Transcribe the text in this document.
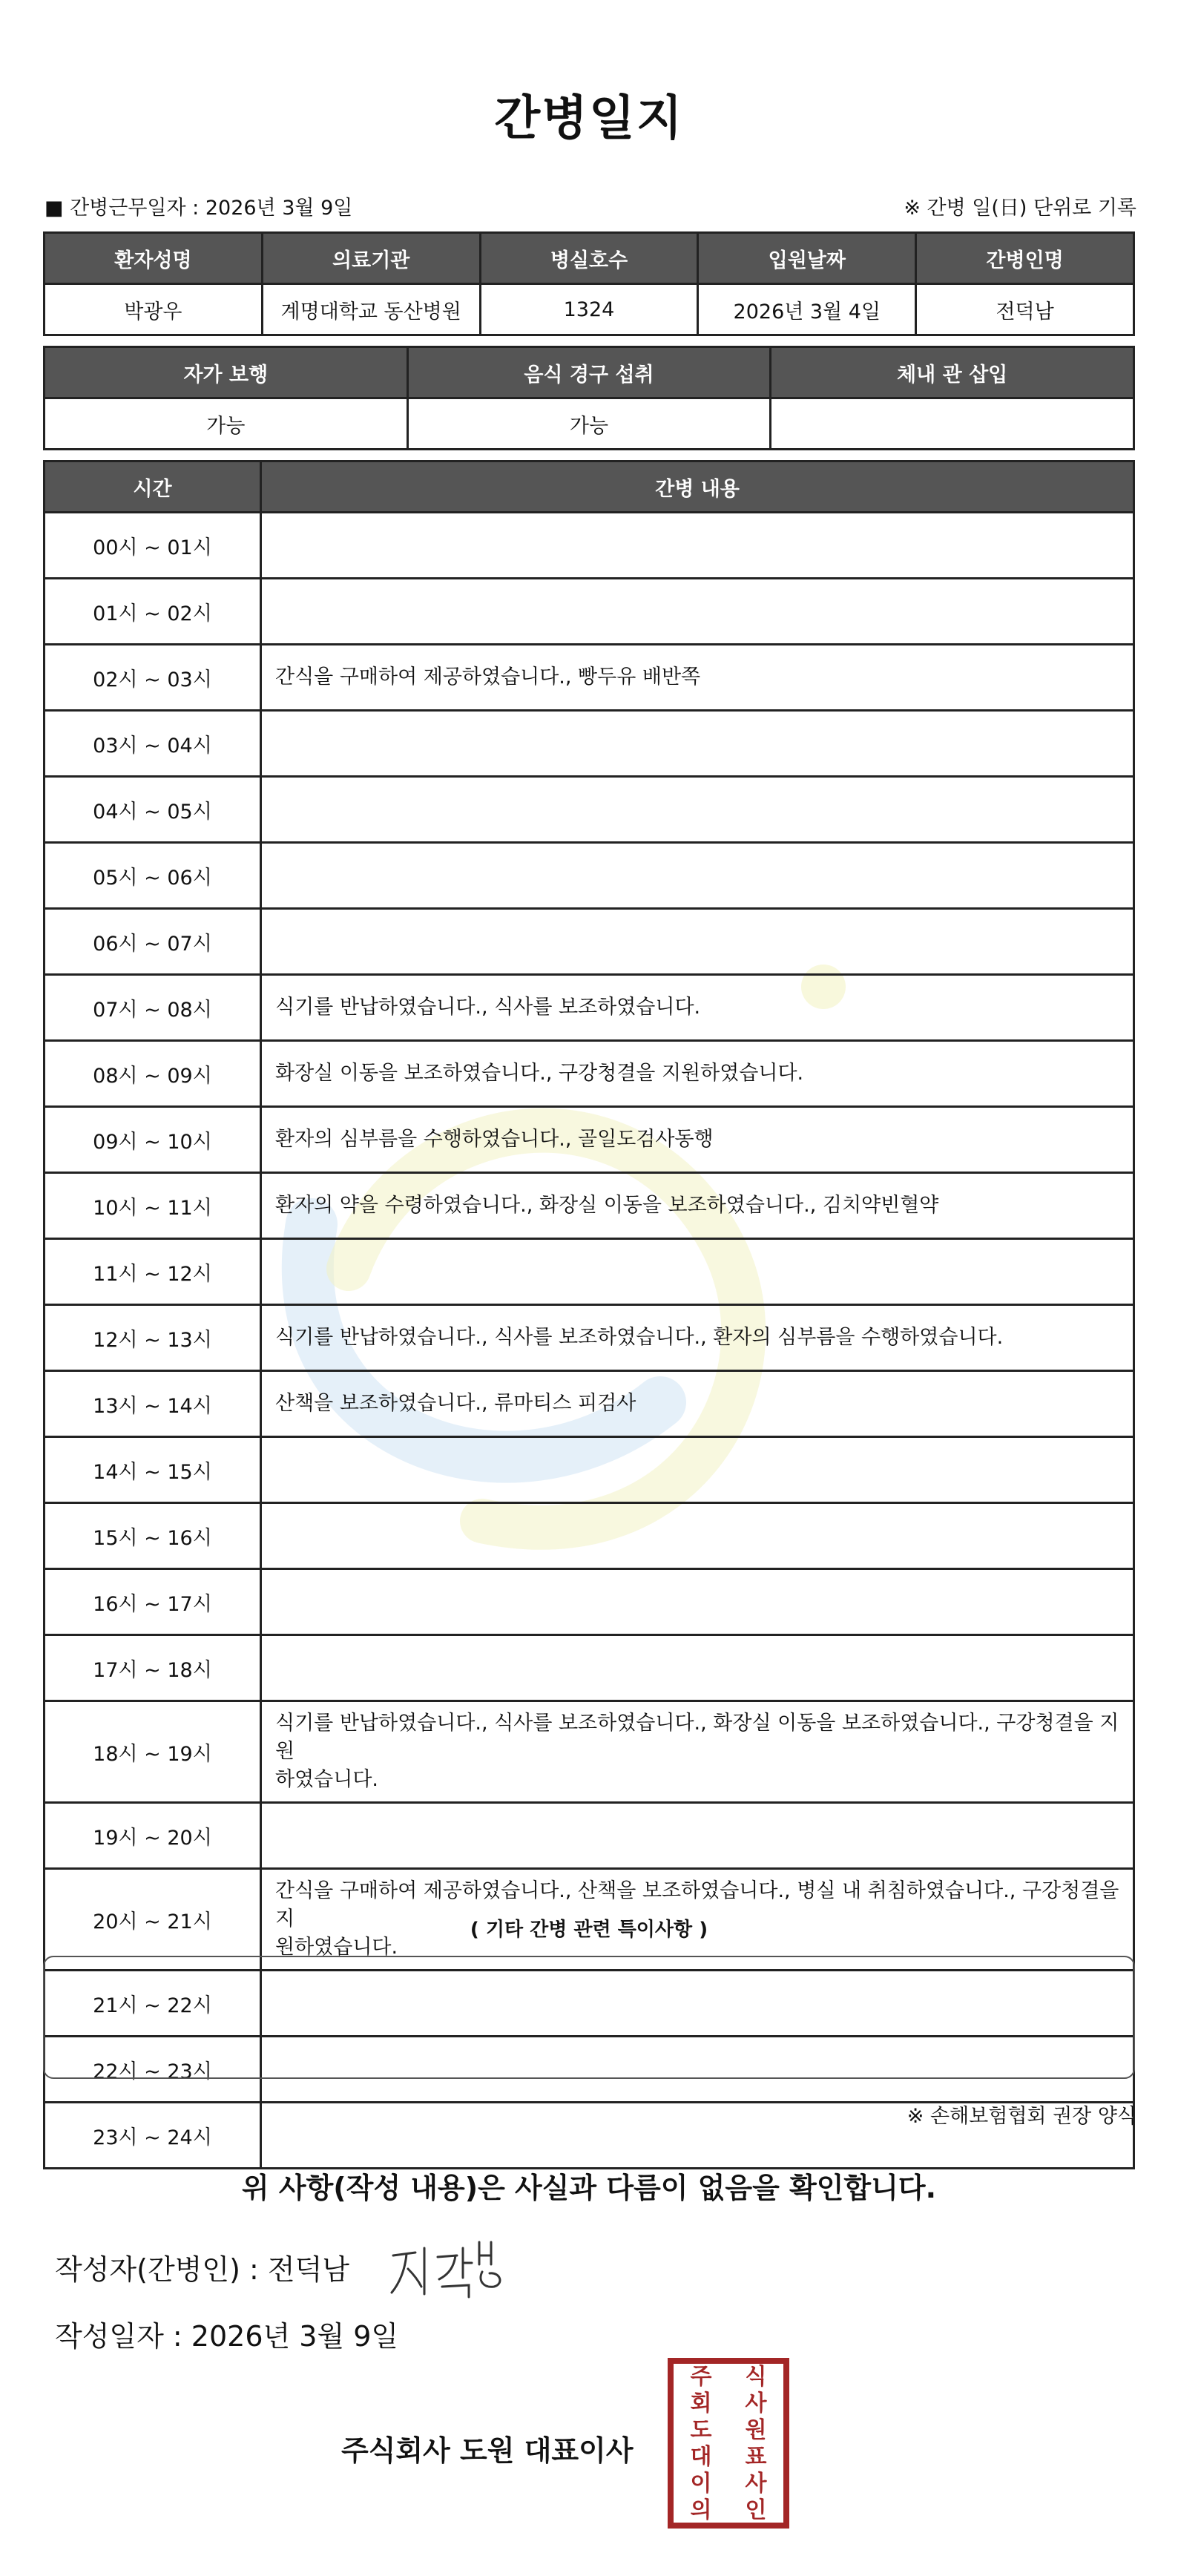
간병일지
■ 간병근무일자 : 2026년 3월 9일	※ 간병 일(日) 단위로 기록
환자성명	의료기관	병실호수	입원날짜	간병인명
박광우	계명대학교 동산병원	1324	2026년 3월 4일	전덕남
자가 보행	음식 경구 섭취	체내 관 삽입
가능	가능	
시간	간병 내용
00시 ~ 01시	

01시 ~ 02시	

02시 ~ 03시	간식을 구매하여 제공하였습니다., 빵두유 배반쪽

03시 ~ 04시	

04시 ~ 05시	

05시 ~ 06시	

06시 ~ 07시	

07시 ~ 08시	식기를 반납하였습니다., 식사를 보조하였습니다.

08시 ~ 09시	화장실 이동을 보조하였습니다., 구강청결을 지원하였습니다.

09시 ~ 10시	환자의 심부름을 수행하였습니다., 골일도검사동행

10시 ~ 11시	환자의 약을 수령하였습니다., 화장실 이동을 보조하였습니다., 김치약빈혈약

11시 ~ 12시	

12시 ~ 13시	식기를 반납하였습니다., 식사를 보조하였습니다., 환자의 심부름을 수행하였습니다.

13시 ~ 14시	산책을 보조하였습니다., 류마티스 피검사

14시 ~ 15시	

15시 ~ 16시	

16시 ~ 17시	

17시 ~ 18시	

18시 ~ 19시	식기를 반납하였습니다., 식사를 보조하였습니다., 화장실 이동을 보조하였습니다., 구강청결을 지원
하였습니다.

19시 ~ 20시	

20시 ~ 21시	간식을 구매하여 제공하였습니다., 산책을 보조하였습니다., 병실 내 취침하였습니다., 구강청결을 지
원하였습니다.

21시 ~ 22시	

22시 ~ 23시	

23시 ~ 24시	
( 기타 간병 관련 특이사항 )
※ 손해보험협회 권장 양식
위 사항(작성 내용)은 사실과 다름이 없음을 확인합니다.
작성자(간병인) : 전덕남
작성일자 : 2026년 3월 9일
주식회사 도원 대표이사
주	식
회	사
도	원
대	표
이	사
의	인
